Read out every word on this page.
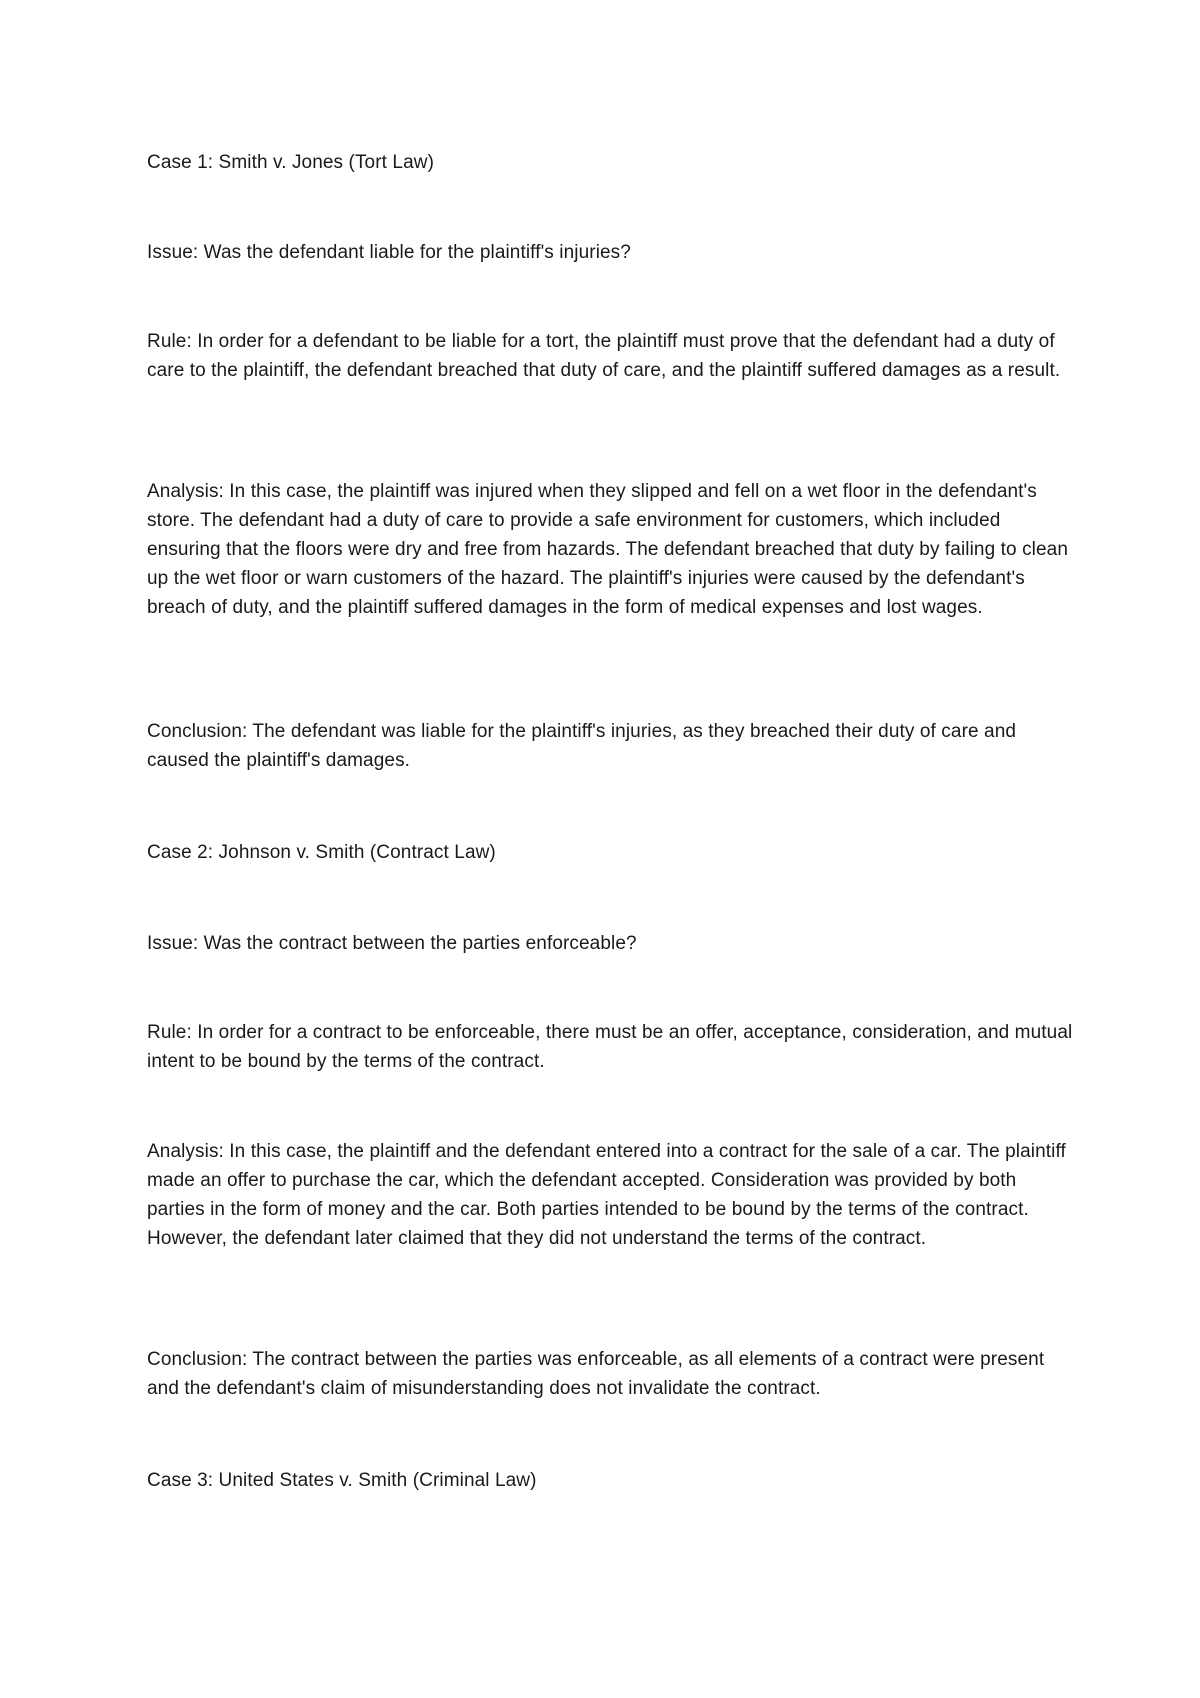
Case 1: Smith v. Jones (Tort Law)

Issue: Was the defendant liable for the plaintiff's injuries?

Rule: In order for a defendant to be liable for a tort, the plaintiff must prove that the defendant had a duty of care to the plaintiff, the defendant breached that duty of care, and the plaintiff suffered damages as a result.

Analysis: In this case, the plaintiff was injured when they slipped and fell on a wet floor in the defendant's store. The defendant had a duty of care to provide a safe environment for customers, which included ensuring that the floors were dry and free from hazards. The defendant breached that duty by failing to clean up the wet floor or warn customers of the hazard. The plaintiff's injuries were caused by the defendant's breach of duty, and the plaintiff suffered damages in the form of medical expenses and lost wages.

Conclusion: The defendant was liable for the plaintiff's injuries, as they breached their duty of care and caused the plaintiff's damages.

Case 2: Johnson v. Smith (Contract Law)

Issue: Was the contract between the parties enforceable?

Rule: In order for a contract to be enforceable, there must be an offer, acceptance, consideration, and mutual intent to be bound by the terms of the contract.

Analysis: In this case, the plaintiff and the defendant entered into a contract for the sale of a car. The plaintiff made an offer to purchase the car, which the defendant accepted. Consideration was provided by both parties in the form of money and the car. Both parties intended to be bound by the terms of the contract. However, the defendant later claimed that they did not understand the terms of the contract.

Conclusion: The contract between the parties was enforceable, as all elements of a contract were present and the defendant's claim of misunderstanding does not invalidate the contract.

Case 3: United States v. Smith (Criminal Law)
